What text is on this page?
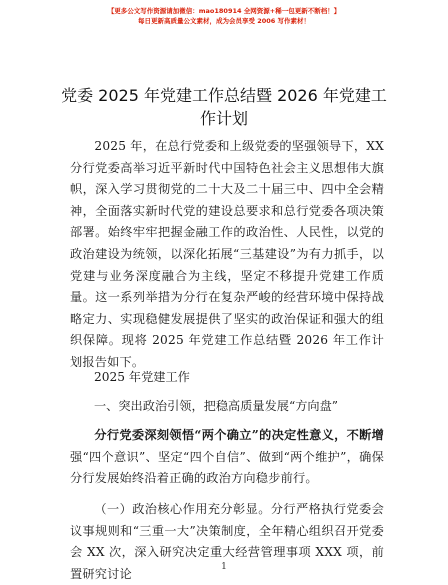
【更多公文写作资源请加微信：mao180914 全网资源+稀一包更新不断档！】
每日更新高质量公文素材，成为会员享受 2006 写作素材！
党委 2025 年党建工作总结暨 2026 年党建工作计划

2025 年，在总行党委和上级党委的坚强领导下，XX 分行党委高举习近平新时代中国特色社会主义思想伟大旗帜，深入学习贯彻党的二十大及二十届三中、四中全会精神，全面落实新时代党的建设总要求和总行党委各项决策部署。始终牢牢把握金融工作的政治性、人民性，以党的政治建设为统领，以深化拓展“三基建设”为有力抓手，以党建与业务深度融合为主线，坚定不移提升党建工作质量。这一系列举措为分行在复杂严峻的经营环境中保持战略定力、实现稳健发展提供了坚实的政治保证和强大的组织保障。现将 2025 年党建工作总结暨 2026 年工作计划报告如下。

2025 年党建工作

一、突出政治引领，把稳高质量发展“方向盘”

分行党委深刻领悟“两个确立”的决定性意义，不断增强“四个意识”、坚定“四个自信”、做到“两个维护”，确保分行发展始终沿着正确的政治方向稳步前行。

（一）政治核心作用充分彰显。分行严格执行党委会议事规则和“三重一大”决策制度，全年精心组织召开党委会 XX 次，深入研究决定重大经营管理事项 XXX 项，前置研究讨论	1
